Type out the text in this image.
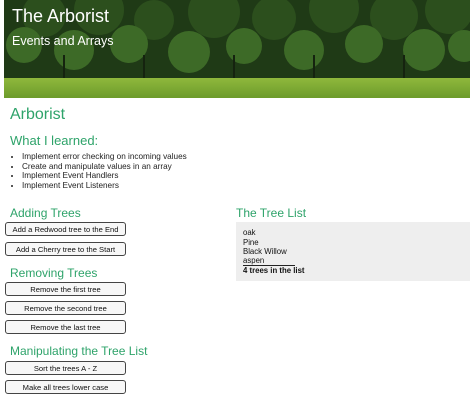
The Arborist
Events and Arrays
Arborist
What I learned:
• Implement error checking on incoming values
• Create and manipulate values in an array
• Implement Event Handlers
• Implement Event Listeners
Adding Trees
Add a Redwood tree to the End
Add a Cherry tree to the Start
Removing Trees
Remove the first tree
Remove the second tree
Remove the last tree
Manipulating the Tree List
Sort the trees A - Z
Make all trees lower case
The Tree List
oak
Pine
Black Willow
aspen
4 trees in the list
